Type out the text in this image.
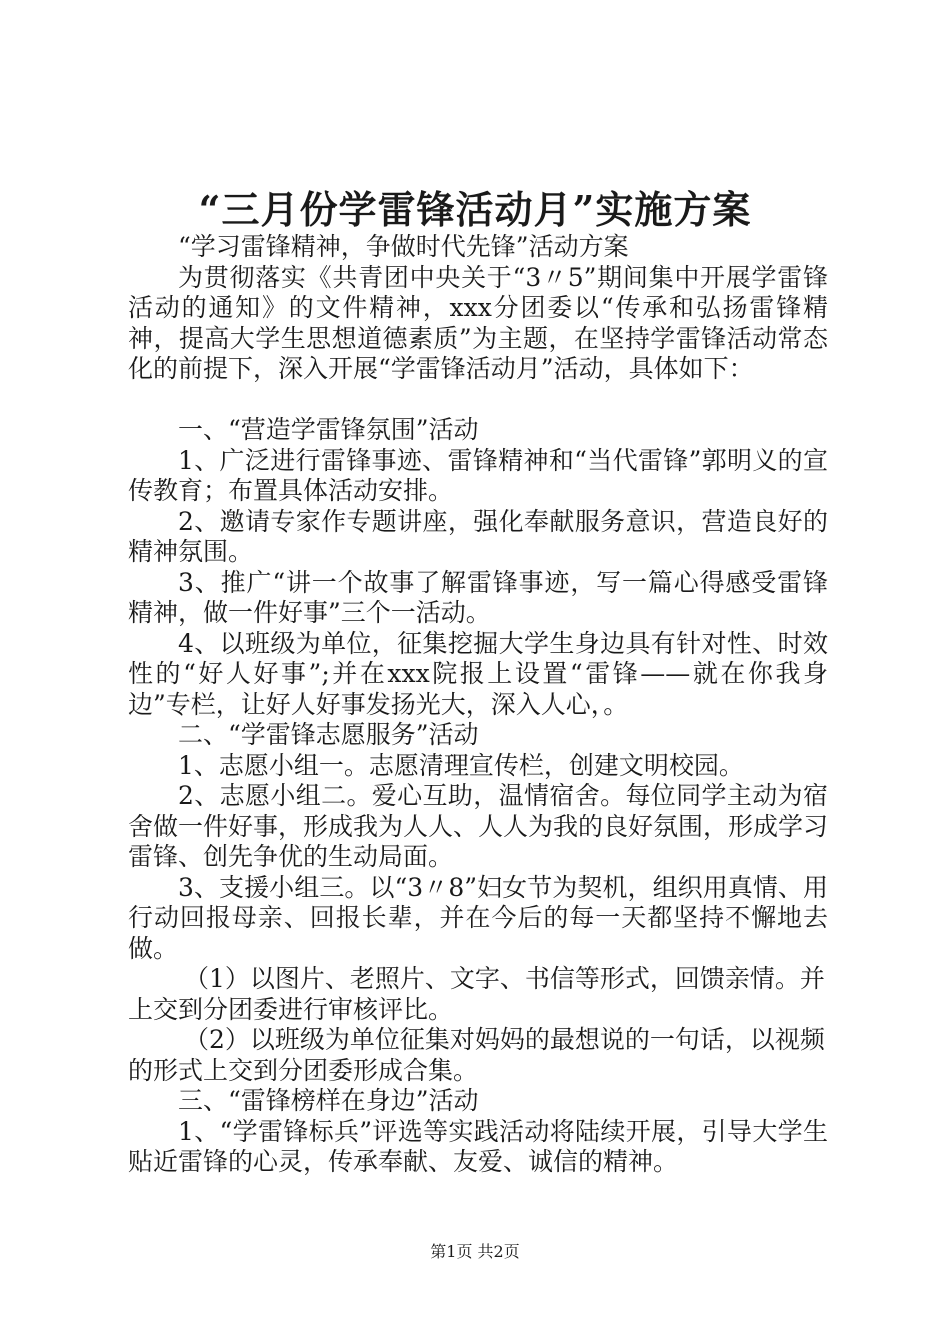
“三月份学雷锋活动月”实施方案

“学习雷锋精神，争做时代先锋”活动方案

为贯彻落实《共青团中央关于“3〃5”期间集中开展学雷锋活动的通知》的文件精神，xxx分团委以“传承和弘扬雷锋精神，提高大学生思想道德素质”为主题，在坚持学雷锋活动常态化的前提下，深入开展“学雷锋活动月”活动，具体如下：

一、“营造学雷锋氛围”活动

1、广泛进行雷锋事迹、雷锋精神和“当代雷锋”郭明义的宣传教育；布置具体活动安排。

2、邀请专家作专题讲座，强化奉献服务意识，营造良好的精神氛围。

3、推广“讲一个故事了解雷锋事迹，写一篇心得感受雷锋精神，做一件好事”三个一活动。

4、以班级为单位，征集挖掘大学生身边具有针对性、时效性的“好人好事”;并在xxx院报上设置“雷锋——就在你我身边”专栏，让好人好事发扬光大，深入人心，。

二、“学雷锋志愿服务”活动

1、志愿小组一。志愿清理宣传栏，创建文明校园。

2、志愿小组二。爱心互助，温情宿舍。每位同学主动为宿舍做一件好事，形成我为人人、人人为我的良好氛围，形成学习雷锋、创先争优的生动局面。

3、支援小组三。以“3〃8”妇女节为契机，组织用真情、用行动回报母亲、回报长辈，并在今后的每一天都坚持不懈地去做。

（1）以图片、老照片、文字、书信等形式，回馈亲情。并上交到分团委进行审核评比。

（2）以班级为单位征集对妈妈的最想说的一句话，以视频的形式上交到分团委形成合集。

三、“雷锋榜样在身边”活动

1、“学雷锋标兵”评选等实践活动将陆续开展，引导大学生贴近雷锋的心灵，传承奉献、友爱、诚信的精神。

第1页 共2页
